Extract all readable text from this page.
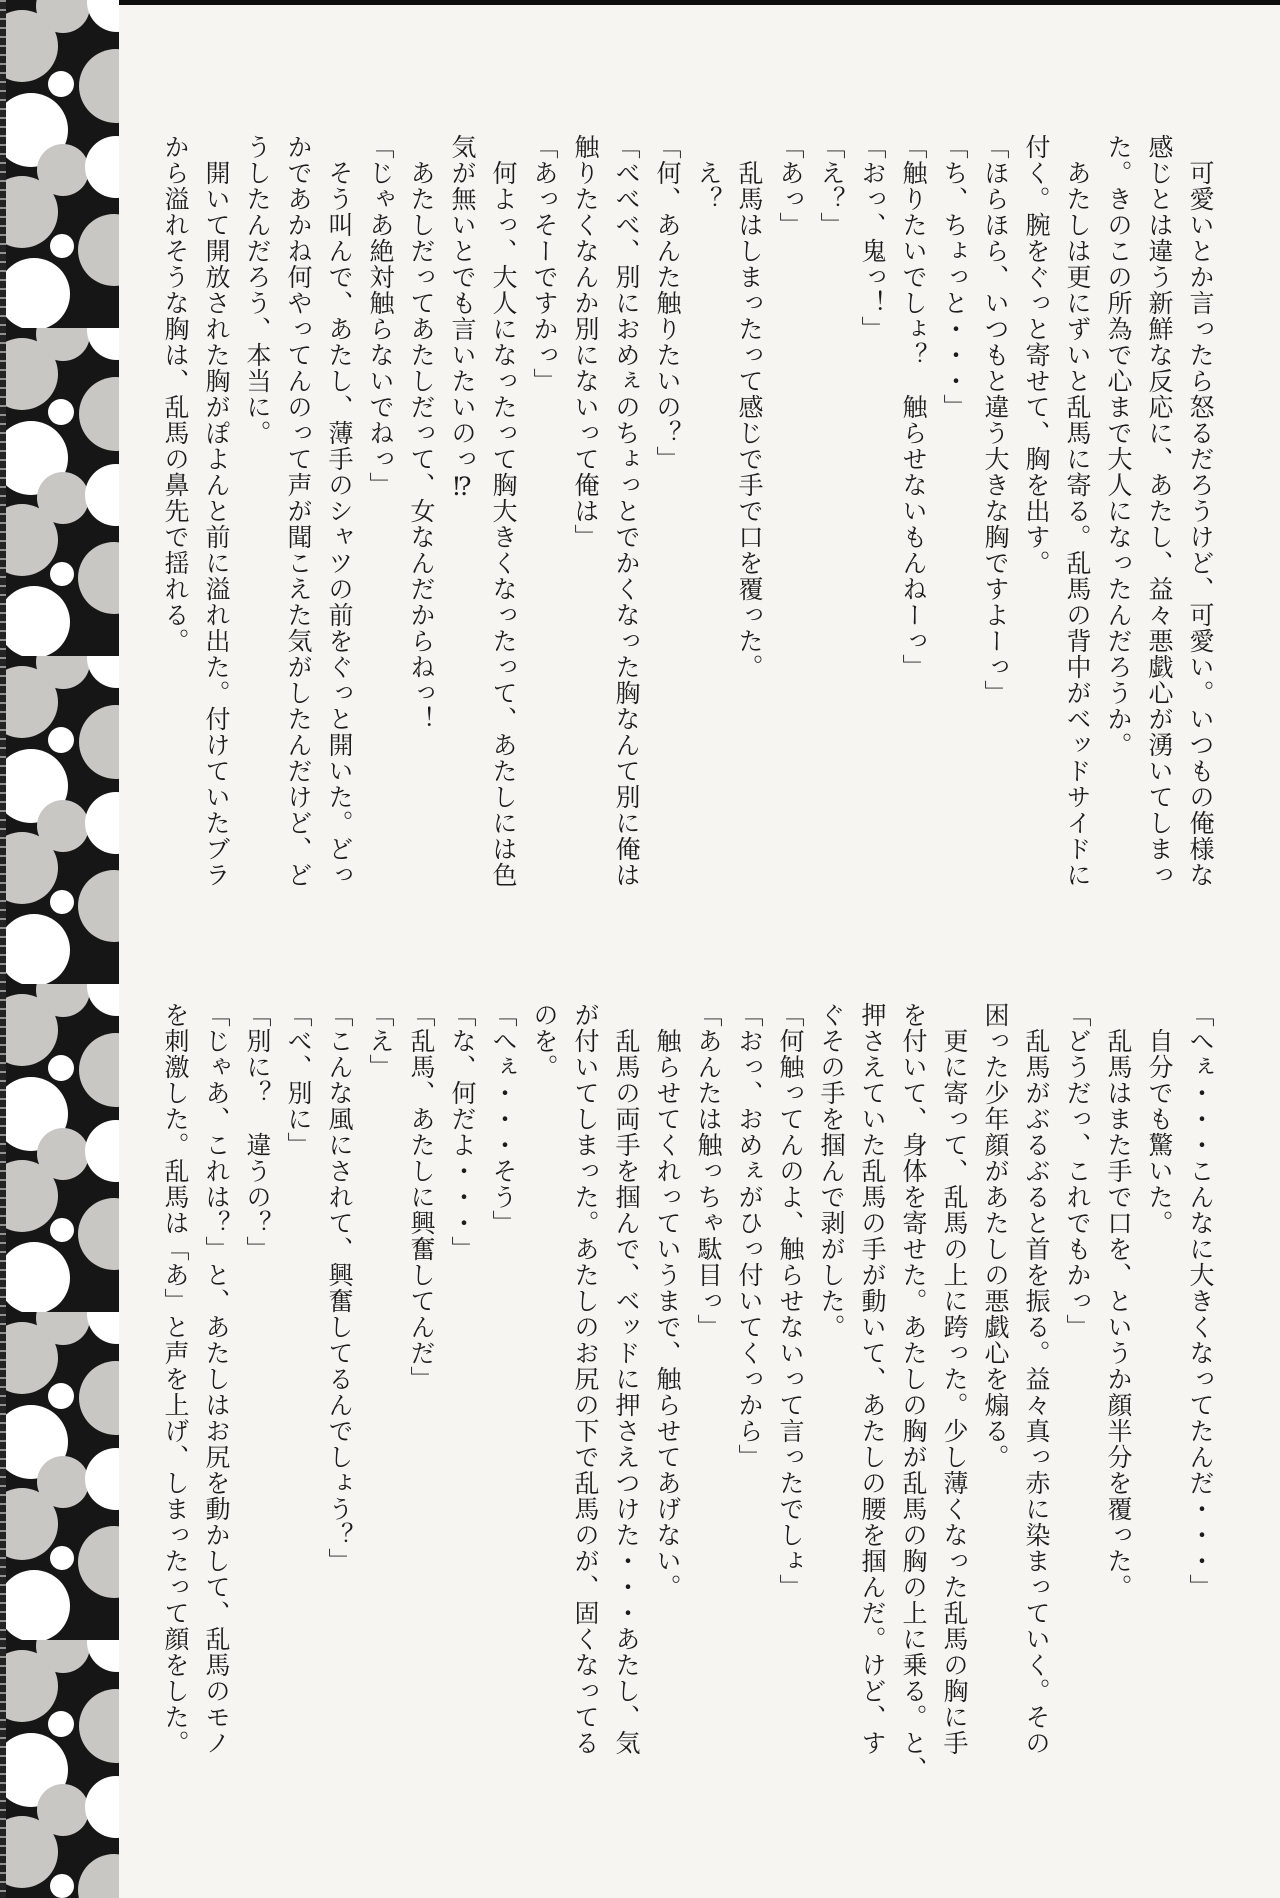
　可愛いとか言ったら怒るだろうけど、可愛い。いつもの俺様な
感じとは違う新鮮な反応に、あたし、益々悪戯心が湧いてしまっ
た。きのこの所為で心まで大人になったんだろうか。
　あたしは更にずいと乱馬に寄る。乱馬の背中がベッドサイドに
付く。腕をぐっと寄せて、胸を出す。
「ほらほら、いつもと違う大きな胸ですよーっ」
「ち、ちょっと・・・」
「触りたいでしょ？　触らせないもんねーっ」
「おっ、鬼っ！」
「え？」
「あっ」
　乱馬はしまったって感じで手で口を覆った。
　え？
「何、あんた触りたいの？」
「べべべ、別におめぇのちょっとでかくなった胸なんて別に俺は
触りたくなんか別にないって俺は」
「あっそーですかっ」
　何よっ、大人になったって胸大きくなったって、あたしには色
気が無いとでも言いたいのっ⁉
　あたしだってあたしだって、女なんだからねっ！
「じゃあ絶対触らないでねっ」
　そう叫んで、あたし、薄手のシャツの前をぐっと開いた。どっ
かであかね何やってんのって声が聞こえた気がしたんだけど、ど
うしたんだろう、本当に。
　開いて開放された胸がぽよんと前に溢れ出た。付けていたブラ
から溢れそうな胸は、乱馬の鼻先で揺れる。
「へぇ・・・こんなに大きくなってたんだ・・・」
　自分でも驚いた。
　乱馬はまた手で口を、というか顔半分を覆った。
「どうだっ、これでもかっ」
　乱馬がぶるぶると首を振る。益々真っ赤に染まっていく。その
困った少年顔があたしの悪戯心を煽る。
　更に寄って、乱馬の上に跨った。少し薄くなった乱馬の胸に手
を付いて、身体を寄せた。あたしの胸が乱馬の胸の上に乗る。と、
押さえていた乱馬の手が動いて、あたしの腰を掴んだ。けど、す
ぐその手を掴んで剥がした。
「何触ってんのよ、触らせないって言ったでしょ」
「おっ、おめぇがひっ付いてくっから」
「あんたは触っちゃ駄目っ」
　触らせてくれっていうまで、触らせてあげない。
　乱馬の両手を掴んで、ベッドに押さえつけた・・・あたし、気
が付いてしまった。あたしのお尻の下で乱馬のが、固くなってる
のを。
「へぇ・・・そう」
「な、何だよ・・・」
「乱馬、あたしに興奮してんだ」
「え」
「こんな風にされて、興奮してるんでしょう？」
「べ、別に」
「別に？　違うの？」
「じゃあ、これは？」と、あたしはお尻を動かして、乱馬のモノ
を刺激した。乱馬は「あ」と声を上げ、しまったって顔をした。
